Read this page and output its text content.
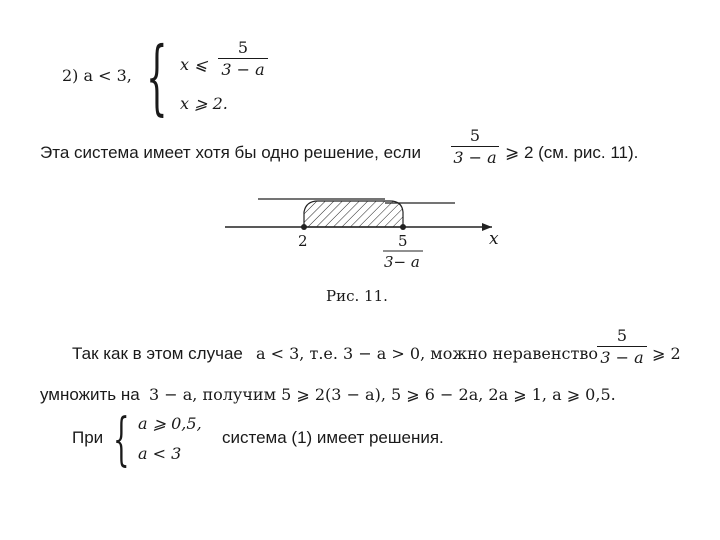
2) a < 3, { x ⩽
5
3 − a
x ⩾ 2.
Эта система имеет хотя бы одно решение, если
5
3 − a ⩾ 2 (см. рис. 11).
x
2	5
3− a
Рис. 11.
Так как в этом случае a < 3, т.е. 3 − a > 0, можно неравенство
5
3 − a ⩾ 2
умножить на 3 − a, получим 5 ⩾ 2(3 − a), 5 ⩾ 6 − 2a, 2a ⩾ 1, a ⩾ 0,5.
При { a ⩾ 0,5,
a < 3
система (1) имеет решения.
